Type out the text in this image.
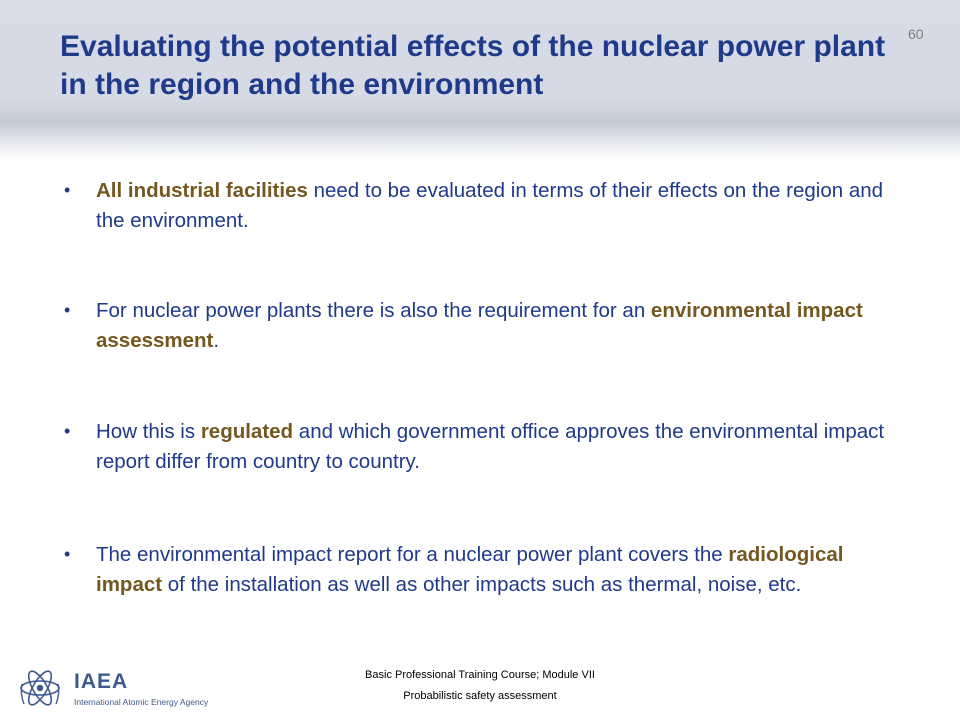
Evaluating the potential effects of the nuclear power plant in the region and the environment
60
• All industrial facilities need to be evaluated in terms of their effects on the region and the environment.
• For nuclear power plants there is also the requirement for an environmental impact assessment.
• How this is regulated and which government office approves the environmental impact report differ from country to country.
• The environmental impact report for a nuclear power plant covers the radiological impact of the installation as well as other impacts such as thermal, noise, etc.
IAEA
International Atomic Energy Agency
Basic Professional Training Course; Module VII
Probabilistic safety assessment
